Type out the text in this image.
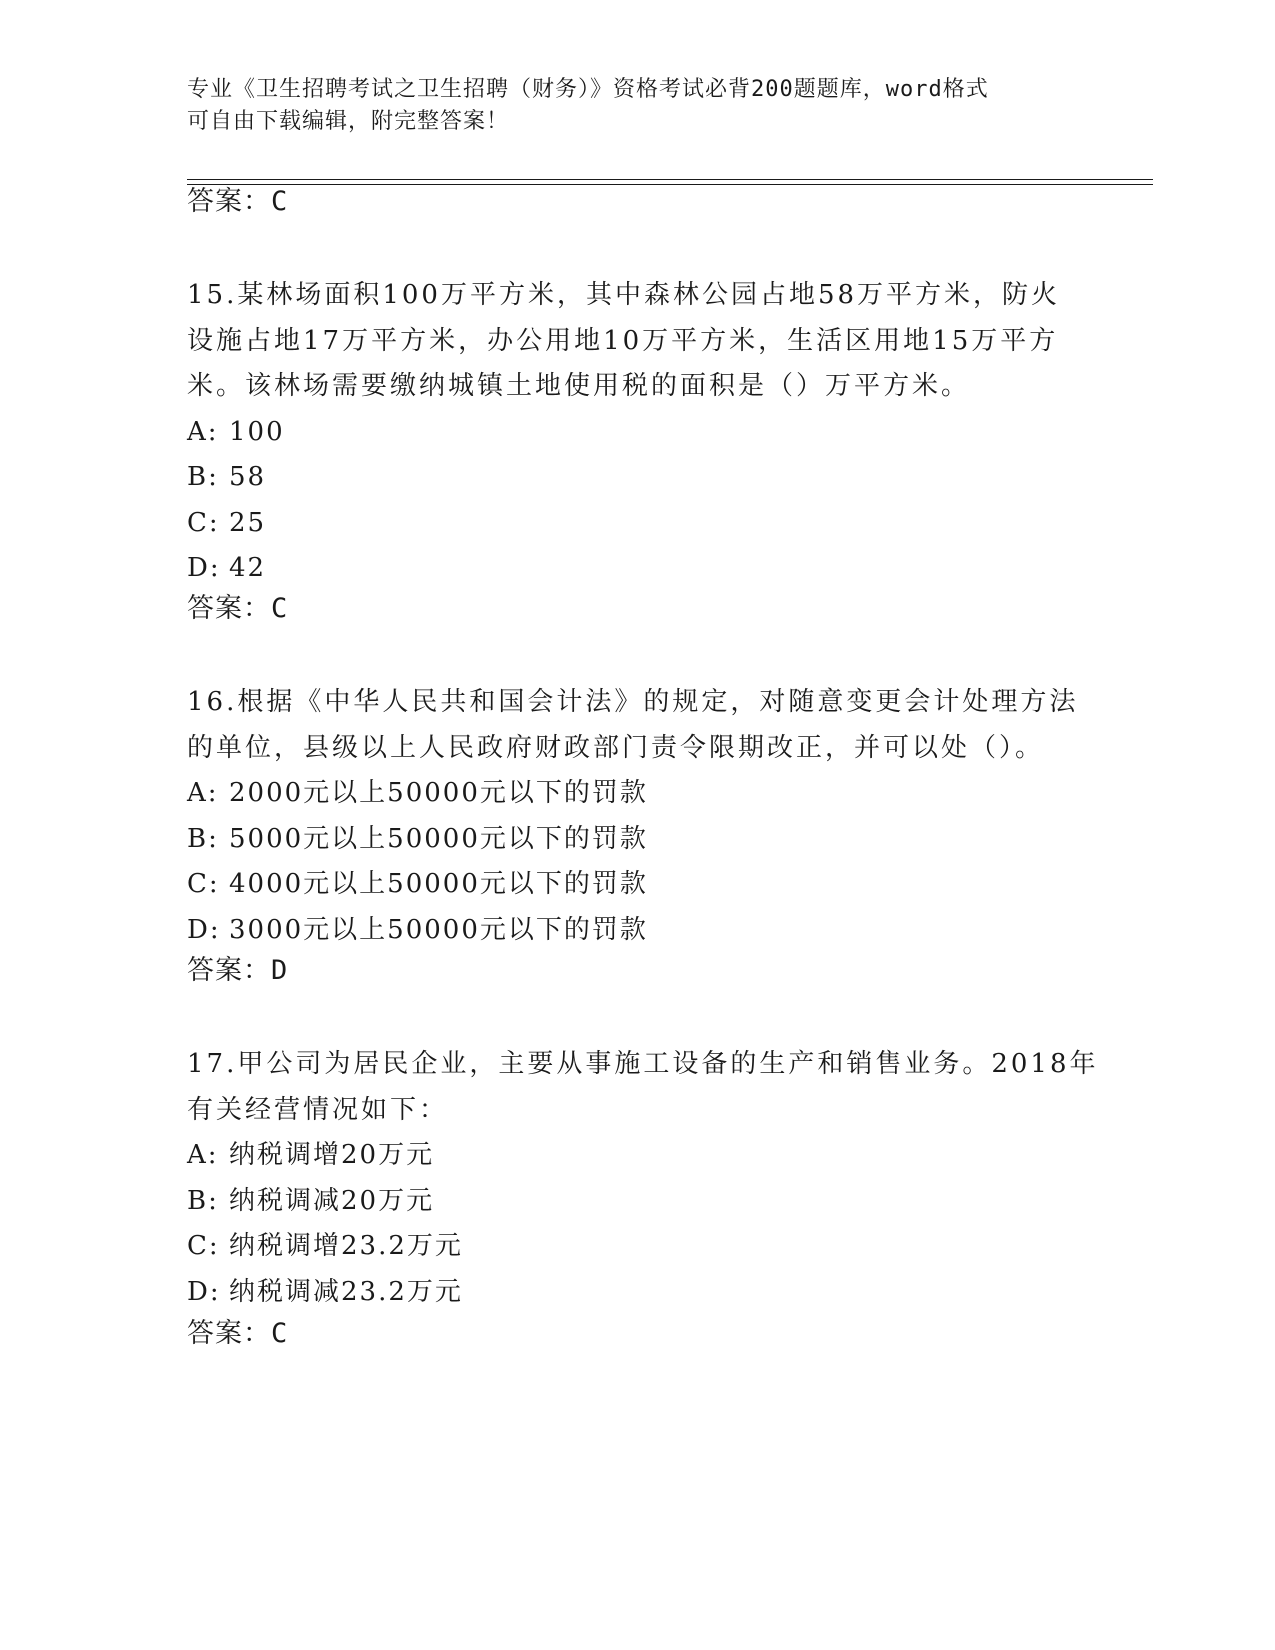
专业《卫生招聘考试之卫生招聘（财务）》资格考试必背200题题库，word格式
可自由下载编辑，附完整答案！
答案：C
15.某林场面积100万平方米，其中森林公园占地58万平方米，防火
设施占地17万平方米，办公用地10万平方米，生活区用地15万平方
米。该林场需要缴纳城镇土地使用税的面积是（）万平方米。
A: 100
B: 58
C: 25
D: 42
答案：C
16.根据《中华人民共和国会计法》的规定，对随意变更会计处理方法
的单位，县级以上人民政府财政部门责令限期改正，并可以处（）。
A: 2000元以上50000元以下的罚款
B: 5000元以上50000元以下的罚款
C: 4000元以上50000元以下的罚款
D: 3000元以上50000元以下的罚款
答案：D
17.甲公司为居民企业，主要从事施工设备的生产和销售业务。2018年
有关经营情况如下：
A: 纳税调增20万元
B: 纳税调减20万元
C: 纳税调增23.2万元
D: 纳税调减23.2万元
答案：C
